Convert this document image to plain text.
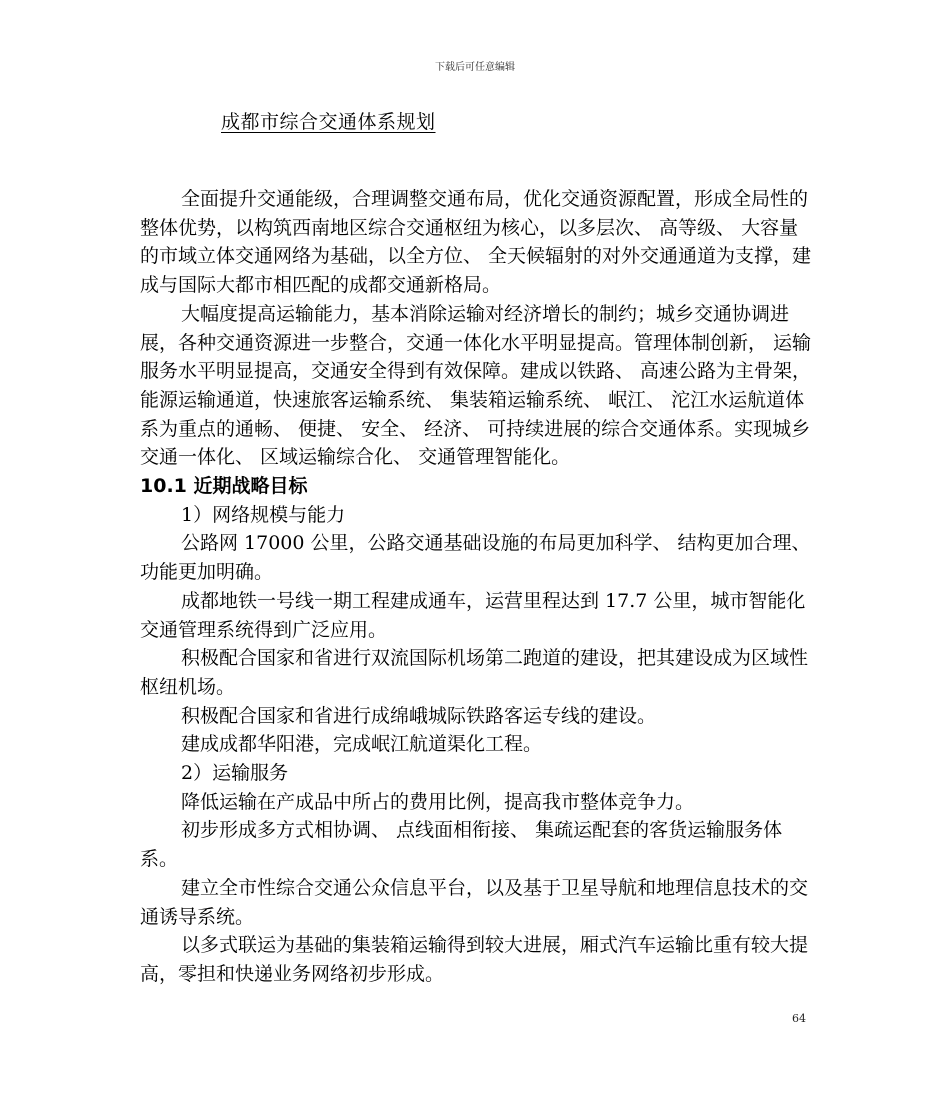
下载后可任意编辑
成都市综合交通体系规划

全面提升交通能级，合理调整交通布局，优化交通资源配置，形成全局性的整体优势，以构筑西南地区综合交通枢纽为核心，以多层次、 高等级、 大容量的市域立体交通网络为基础，以全方位、 全天候辐射的对外交通通道为支撑，建成与国际大都市相匹配的成都交通新格局。

大幅度提高运输能力，基本消除运输对经济增长的制约；城乡交通协调进展，各种交通资源进一步整合，交通一体化水平明显提高。管理体制创新， 运输服务水平明显提高，交通安全得到有效保障。建成以铁路、 高速公路为主骨架，能源运输通道，快速旅客运输系统、 集装箱运输系统、 岷江、 沱江水运航道体系为重点的通畅、 便捷、 安全、 经济、 可持续进展的综合交通体系。实现城乡交通一体化、 区域运输综合化、 交通管理智能化。

10.1 近期战略目标

1）网络规模与能力

公路网 17000 公里，公路交通基础设施的布局更加科学、 结构更加合理、 功能更加明确。

成都地铁一号线一期工程建成通车，运营里程达到 17.7 公里，城市智能化交通管理系统得到广泛应用。

积极配合国家和省进行双流国际机场第二跑道的建设，把其建设成为区域性枢纽机场。

积极配合国家和省进行成绵峨城际铁路客运专线的建设。

建成成都华阳港，完成岷江航道渠化工程。

2）运输服务

降低运输在产成品中所占的费用比例，提高我市整体竞争力。

初步形成多方式相协调、 点线面相衔接、 集疏运配套的客货运输服务体系。

建立全市性综合交通公众信息平台，以及基于卫星导航和地理信息技术的交通诱导系统。

以多式联运为基础的集装箱运输得到较大进展，厢式汽车运输比重有较大提高，零担和快递业务网络初步形成。

64
